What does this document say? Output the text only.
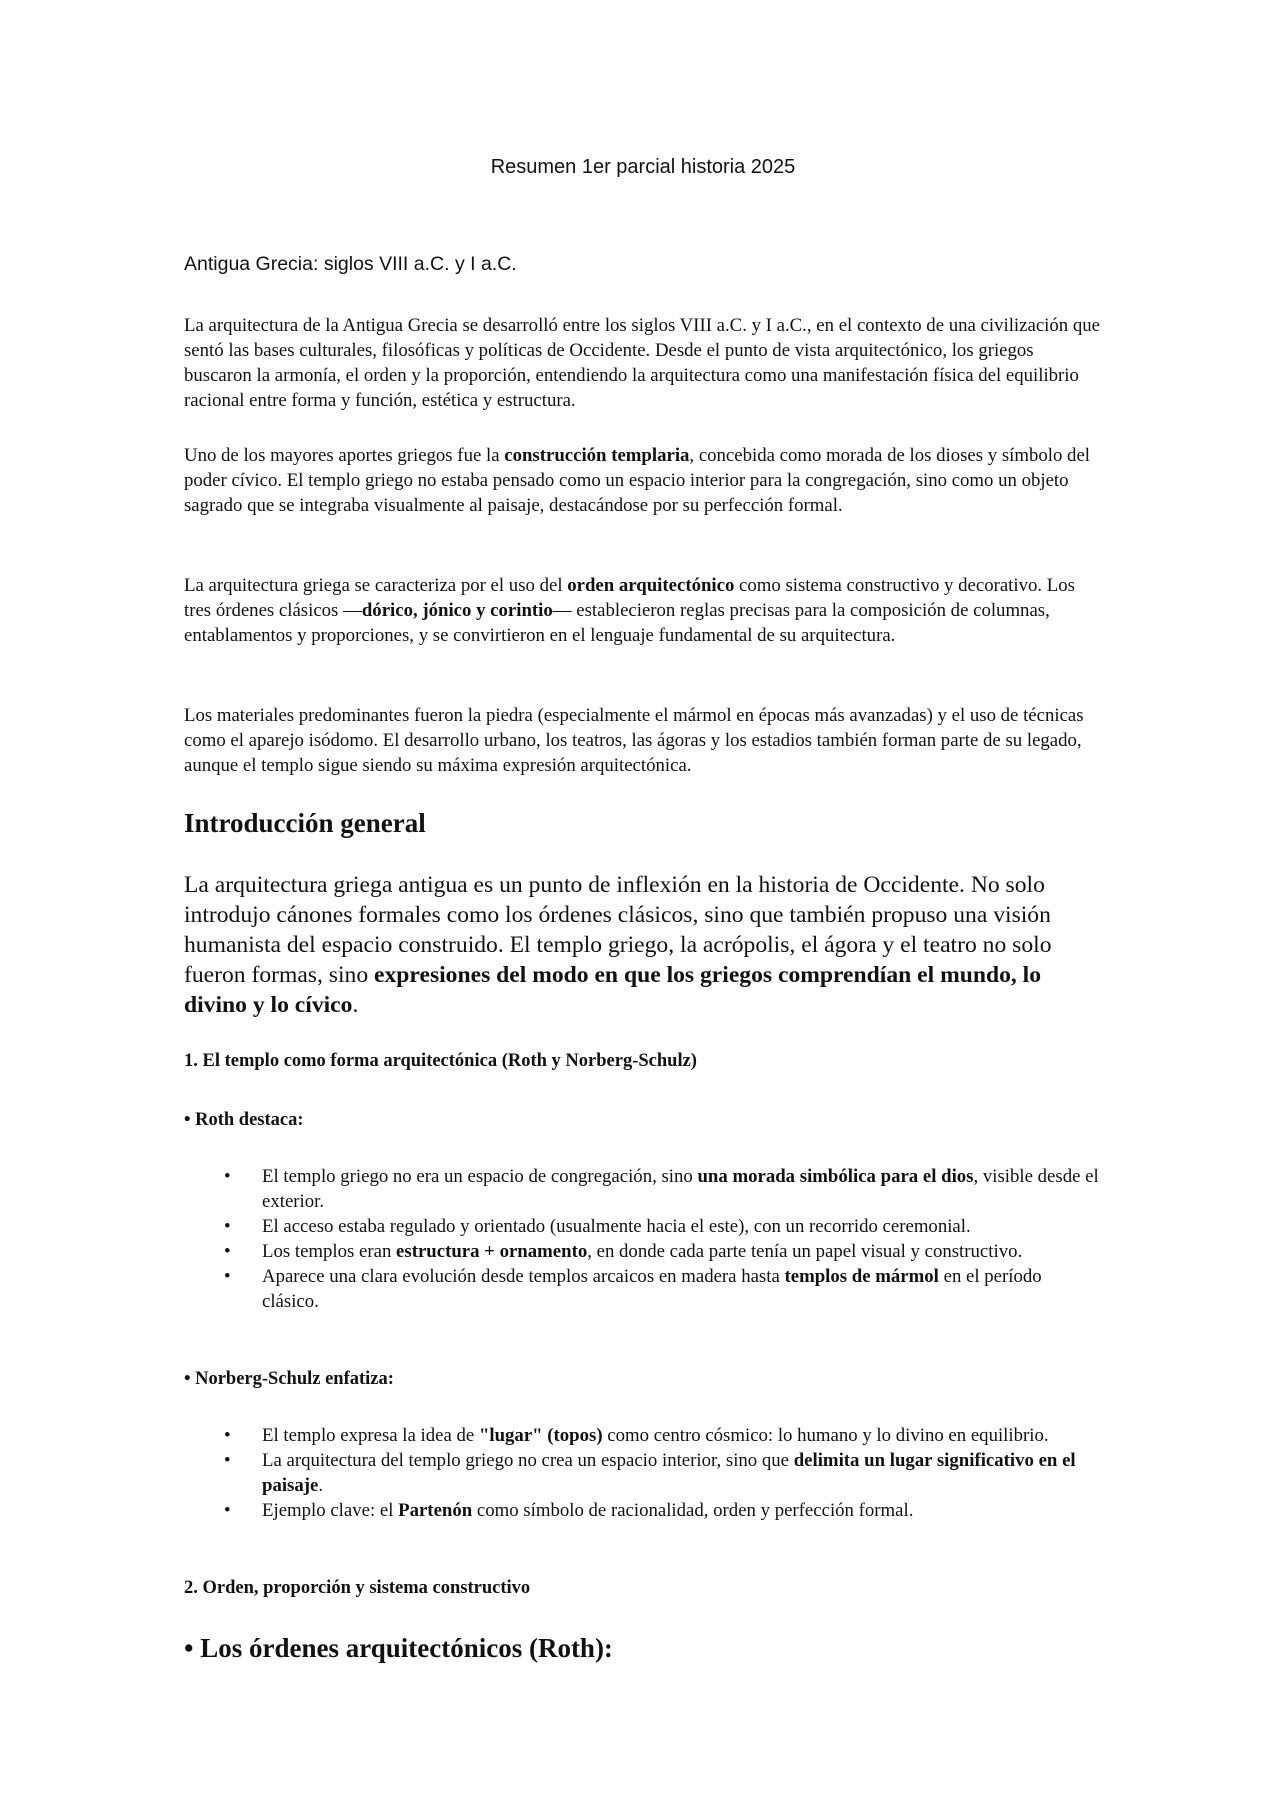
Resumen 1er parcial historia 2025
Antigua Grecia: siglos VIII a.C. y I a.C.

La arquitectura de la Antigua Grecia se desarrolló entre los siglos VIII a.C. y I a.C., en el contexto de una civilización que sentó las bases culturales, filosóficas y políticas de Occidente. Desde el punto de vista arquitectónico, los griegos buscaron la armonía, el orden y la proporción, entendiendo la arquitectura como una manifestación física del equilibrio racional entre forma y función, estética y estructura.

Uno de los mayores aportes griegos fue la construcción templaria, concebida como morada de los dioses y símbolo del poder cívico. El templo griego no estaba pensado como un espacio interior para la congregación, sino como un objeto sagrado que se integraba visualmente al paisaje, destacándose por su perfección formal.

La arquitectura griega se caracteriza por el uso del orden arquitectónico como sistema constructivo y decorativo. Los tres órdenes clásicos —dórico, jónico y corintio— establecieron reglas precisas para la composición de columnas, entablamentos y proporciones, y se convirtieron en el lenguaje fundamental de su arquitectura.

Los materiales predominantes fueron la piedra (especialmente el mármol en épocas más avanzadas) y el uso de técnicas como el aparejo isódomo. El desarrollo urbano, los teatros, las ágoras y los estadios también forman parte de su legado, aunque el templo sigue siendo su máxima expresión arquitectónica.

Introducción general

La arquitectura griega antigua es un punto de inflexión en la historia de Occidente. No solo introdujo cánones formales como los órdenes clásicos, sino que también propuso una visión humanista del espacio construido. El templo griego, la acrópolis, el ágora y el teatro no solo fueron formas, sino expresiones del modo en que los griegos comprendían el mundo, lo divino y lo cívico.

1. El templo como forma arquitectónica (Roth y Norberg-Schulz)
• Roth destaca:
• El templo griego no era un espacio de congregación, sino una morada simbólica para el dios, visible desde el exterior.
• El acceso estaba regulado y orientado (usualmente hacia el este), con un recorrido ceremonial.
• Los templos eran estructura + ornamento, en donde cada parte tenía un papel visual y constructivo.
• Aparece una clara evolución desde templos arcaicos en madera hasta templos de mármol en el período clásico.
• Norberg-Schulz enfatiza:
• El templo expresa la idea de "lugar" (topos) como centro cósmico: lo humano y lo divino en equilibrio.
• La arquitectura del templo griego no crea un espacio interior, sino que delimita un lugar significativo en el paisaje.
• Ejemplo clave: el Partenón como símbolo de racionalidad, orden y perfección formal.
2. Orden, proporción y sistema constructivo
• Los órdenes arquitectónicos (Roth):
